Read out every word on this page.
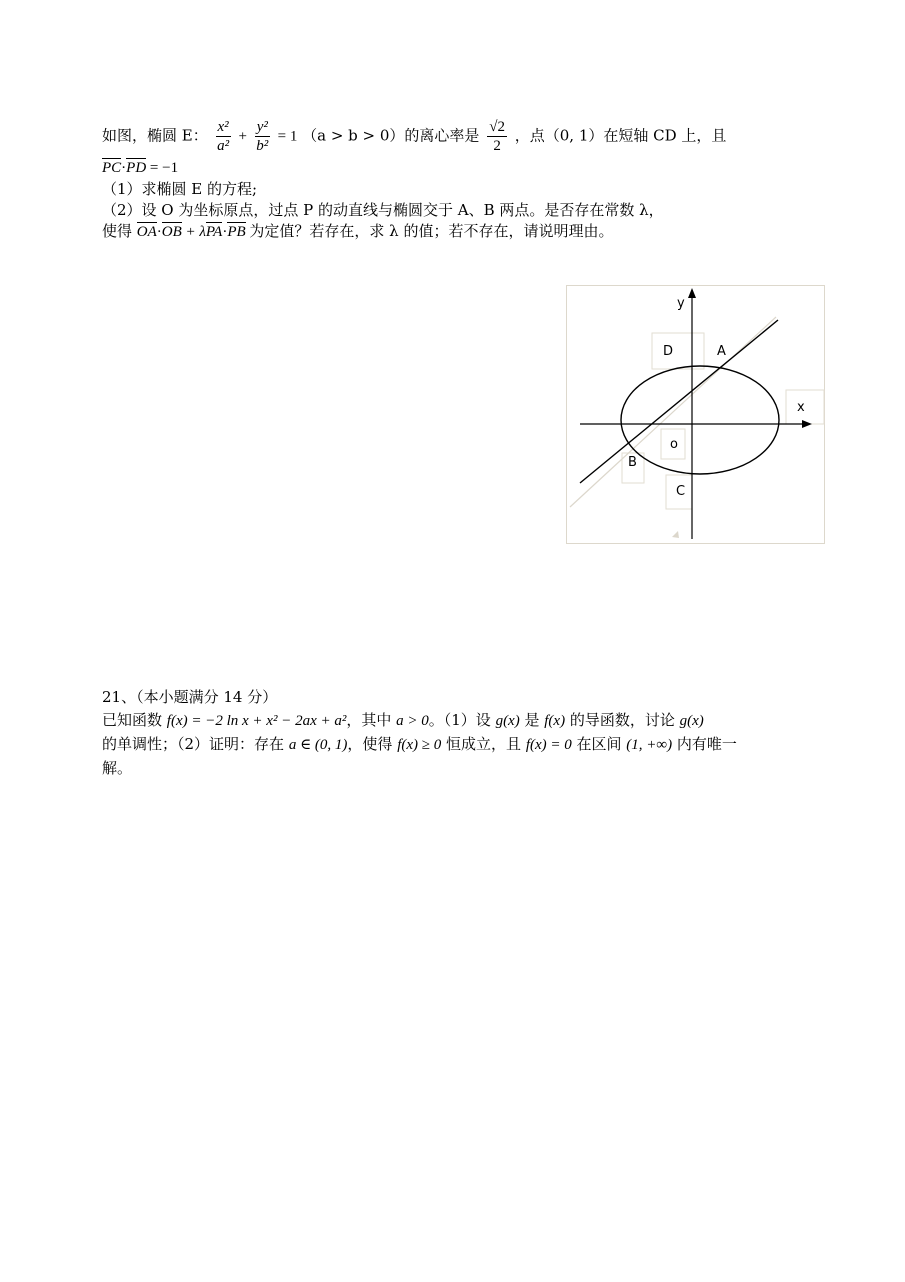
如图，椭圆 E： $\frac{\text{x²}}{\text{a²}} + \frac{\text{y²}}{\text{b²}} = 1$ （a > b > 0）的离心率是 $\frac{√2}{2}$ ，点（0, 1）在短轴 CD 上，且
PC·PD = −1
（1）求椭圆 E 的方程;
（2）设 O 为坐标原点，过点 P 的动直线与椭圆交于 A、B 两点。是否存在常数 λ，
使得 OA·OB + λPA·PB 为定值？若存在，求 λ 的值；若不存在，请说明理由。
y
x
D	A
o
B
C
21、（本小题满分 14 分）
已知函数 f(x) = −2 ln x + x² − 2ax + a²，其中 a > 0。（1）设 g(x) 是 f(x) 的导函数，讨论 g(x)
的单调性；（2）证明：存在 a ∈ (0, 1)，使得 f(x) ≥ 0 恒成立，且 f(x) = 0 在区间 (1, +∞) 内有唯一
解。
